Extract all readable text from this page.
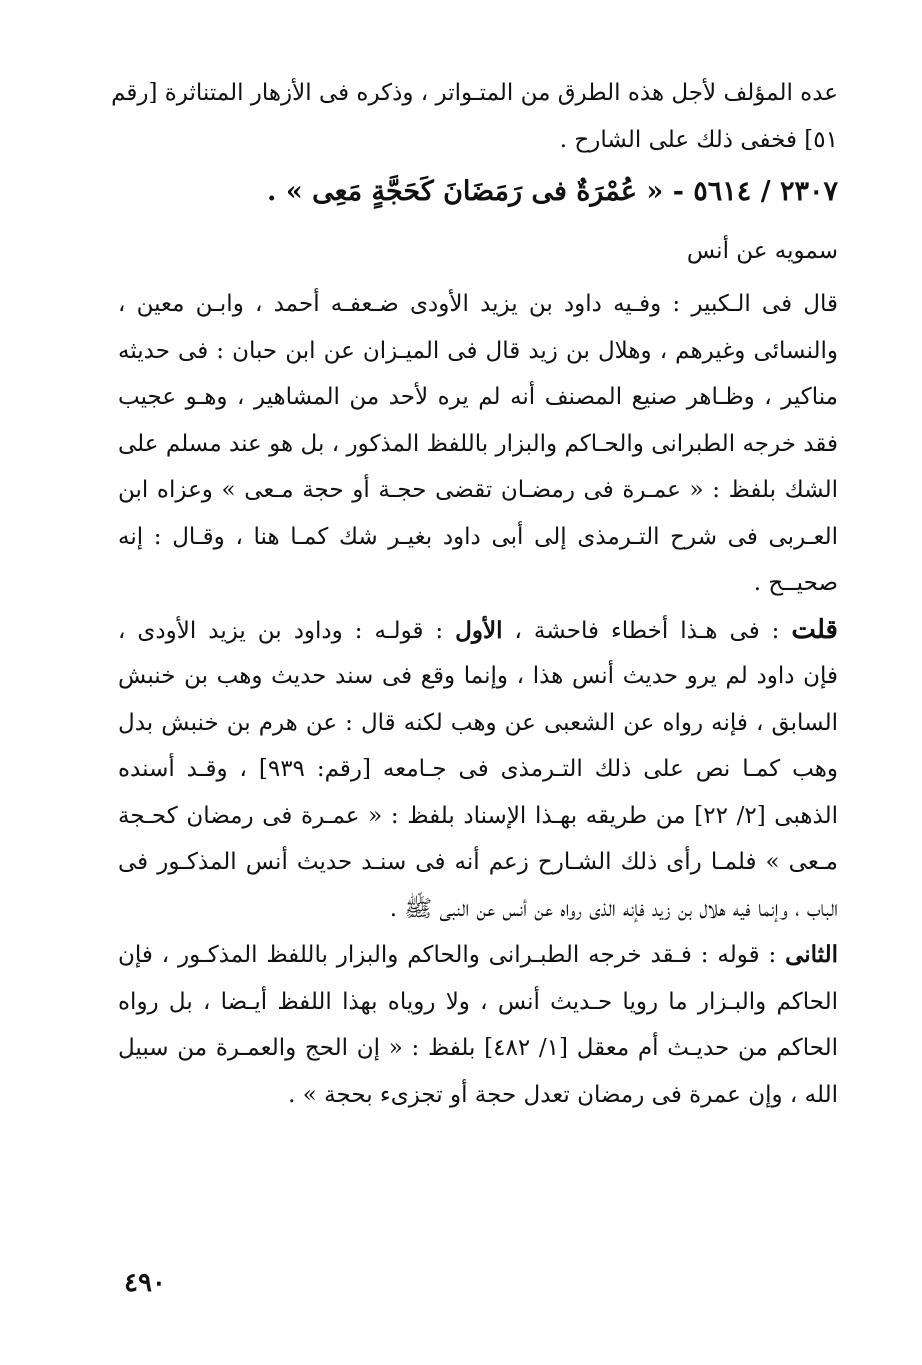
عده المؤلف لأجل هذه الطرق من المتـواتر ، وذكره فى الأزهار المتناثرة [رقم
٥١] فخفى ذلك على الشارح .
٢٣٠٧ / ٥٦١٤ - « عُمْرَةٌ فى رَمَضَانَ كَحَجَّةٍ مَعِى » .
سمويه عن أنس
قال فى الـكبير : وفـيه داود بن يزيد الأودى ضـعفـه أحمد ، وابـن معين ،
والنسائى وغيرهم ، وهلال بن زيد قال فى الميـزان عن ابن حبان : فى حديثه
مناكير ، وظـاهر صنيع المصنف أنه لم يره لأحد من المشاهير ، وهـو عجيب
فقد خرجه الطبرانى والحـاكم والبزار باللفظ المذكور ، بل هو عند مسلم على
الشك بلفظ : « عمـرة فى رمضـان تقضى حجـة أو حجة مـعى » وعزاه ابن
العـربى فى شرح التـرمذى إلى أبى داود بغيـر شك كمـا هنا ، وقـال : إنه
صحيــح .
قلت : فى هـذا أخطاء فاحشة ، الأول : قولـه : وداود بن يزيد الأودى ،
فإن داود لم يرو حديث أنس هذا ، وإنما وقع فى سند حديث وهب بن خنبش
السابق ، فإنه رواه عن الشعبى عن وهب لكنه قال : عن هرم بن خنبش بدل
وهب كمـا نص على ذلك التـرمذى فى جـامعه [رقم: ٩٣٩] ، وقـد أسنده
الذهبى [٢/ ٢٢] من طريقه بهـذا الإسناد بلفظ : « عمـرة فى رمضان كحـجة
مـعى » فلمـا رأى ذلك الشـارح زعم أنه فى سنـد حديث أنس المذكـور فى
الباب ، وإنما فيه هلال بن زيد فإنه الذى رواه عن أنس عن النبى ﷺ .
الثانى : قوله : فـقد خرجه الطبـرانى والحاكم والبزار باللفظ المذكـور ، فإن
الحاكم والبـزار ما رويا حـديث أنس ، ولا روياه بهذا اللفظ أيـضا ، بل رواه
الحاكم من حديـث أم معقل [١/ ٤٨٢] بلفظ : « إن الحج والعمـرة من سبيل
الله ، وإن عمرة فى رمضان تعدل حجة أو تجزىء بحجة » .
٤٩٠
